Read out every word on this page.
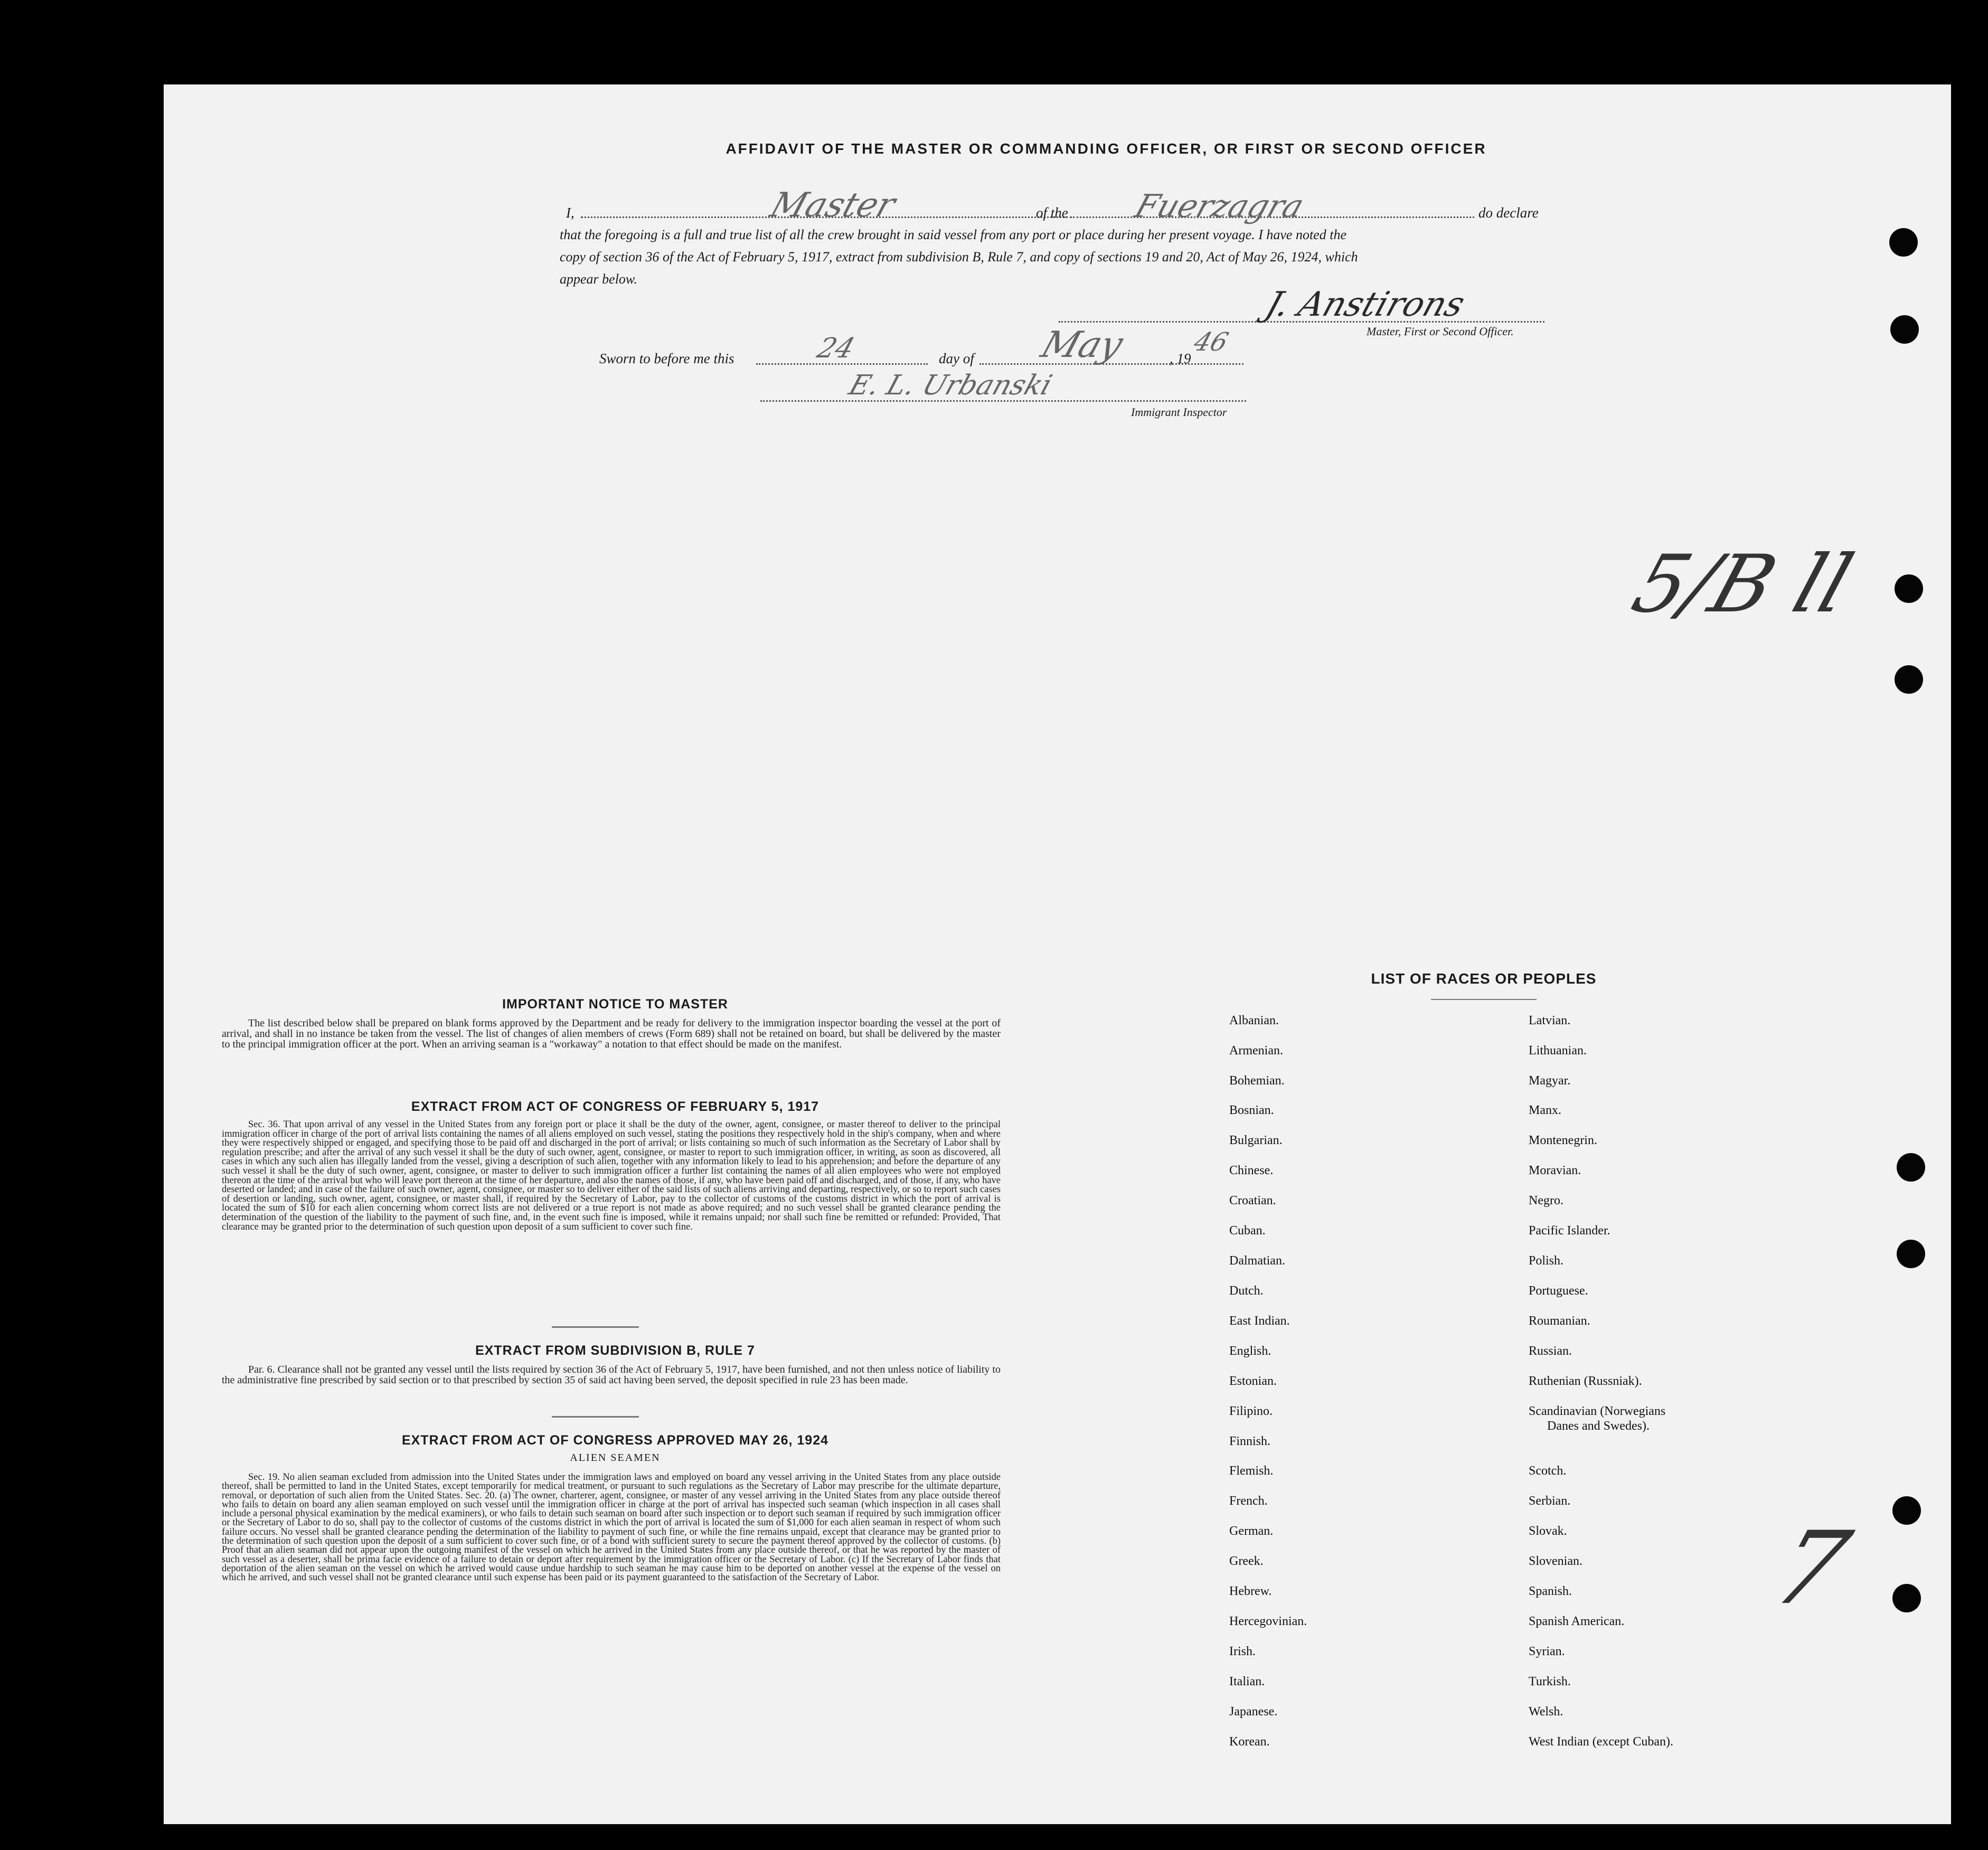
AFFIDAVIT OF THE MASTER OR COMMANDING OFFICER, OR FIRST OR SECOND OFFICER
I,	Master	of the Fuerzagra	do declare
that the foregoing is a full and true list of all the crew brought in said vessel from any port or place during her present voyage. I have noted the
copy of section 36 of the Act of February 5, 1917, extract from subdivision B, Rule 7, and copy of sections 19 and 20, Act of May 26, 1924, which
appear below.
J. Anstirons
Master, First or Second Officer.
Sworn to before me this	24	day of May	, 19
46
E. L. Urbanski
Immigrant Inspector
5/B ll
7
IMPORTANT NOTICE TO MASTER
The list described below shall be prepared on blank forms approved by the Department and be ready for delivery to the immigration inspector boarding the vessel at the port of arrival, and shall in no instance be taken from the vessel. The list of changes of alien members of crews (Form 689) shall not be retained on board, but shall be delivered by the master to the principal immigration officer at the port. When an arriving seaman is a "workaway" a notation to that effect should be made on the manifest.
EXTRACT FROM ACT OF CONGRESS OF FEBRUARY 5, 1917
Sec. 36. That upon arrival of any vessel in the United States from any foreign port or place it shall be the duty of the owner, agent, consignee, or master thereof to deliver to the principal immigration officer in charge of the port of arrival lists containing the names of all aliens employed on such vessel, stating the positions they respectively hold in the ship's company, when and where they were respectively shipped or engaged, and specifying those to be paid off and discharged in the port of arrival; or lists containing so much of such information as the Secretary of Labor shall by regulation prescribe; and after the arrival of any such vessel it shall be the duty of such owner, agent, consignee, or master to report to such immigration officer, in writing, as soon as discovered, all cases in which any such alien has illegally landed from the vessel, giving a description of such alien, together with any information likely to lead to his apprehension; and before the departure of any such vessel it shall be the duty of such owner, agent, consignee, or master to deliver to such immigration officer a further list containing the names of all alien employees who were not employed thereon at the time of the arrival but who will leave port thereon at the time of her departure, and also the names of those, if any, who have been paid off and discharged, and of those, if any, who have deserted or landed; and in case of the failure of such owner, agent, consignee, or master so to deliver either of the said lists of such aliens arriving and departing, respectively, or so to report such cases of desertion or landing, such owner, agent, consignee, or master shall, if required by the Secretary of Labor, pay to the collector of customs of the customs district in which the port of arrival is located the sum of $10 for each alien concerning whom correct lists are not delivered or a true report is not made as above required; and no such vessel shall be granted clearance pending the determination of the question of the liability to the payment of such fine, and, in the event such fine is imposed, while it remains unpaid; nor shall such fine be remitted or refunded: Provided, That clearance may be granted prior to the determination of such question upon deposit of a sum sufficient to cover such fine.
EXTRACT FROM SUBDIVISION B, RULE 7
Par. 6. Clearance shall not be granted any vessel until the lists required by section 36 of the Act of February 5, 1917, have been furnished, and not then unless notice of liability to the administrative fine prescribed by said section or to that prescribed by section 35 of said act having been served, the deposit specified in rule 23 has been made.
EXTRACT FROM ACT OF CONGRESS APPROVED MAY 26, 1924
ALIEN SEAMEN
Sec. 19. No alien seaman excluded from admission into the United States under the immigration laws and employed on board any vessel arriving in the United States from any place outside thereof, shall be permitted to land in the United States, except temporarily for medical treatment, or pursuant to such regulations as the Secretary of Labor may prescribe for the ultimate departure, removal, or deportation of such alien from the United States. Sec. 20. (a) The owner, charterer, agent, consignee, or master of any vessel arriving in the United States from any place outside thereof who fails to detain on board any alien seaman employed on such vessel until the immigration officer in charge at the port of arrival has inspected such seaman (which inspection in all cases shall include a personal physical examination by the medical examiners), or who fails to detain such seaman on board after such inspection or to deport such seaman if required by such immigration officer or the Secretary of Labor to do so, shall pay to the collector of customs of the customs district in which the port of arrival is located the sum of $1,000 for each alien seaman in respect of whom such failure occurs. No vessel shall be granted clearance pending the determination of the liability to payment of such fine, or while the fine remains unpaid, except that clearance may be granted prior to the determination of such question upon the deposit of a sum sufficient to cover such fine, or of a bond with sufficient surety to secure the payment thereof approved by the collector of customs. (b) Proof that an alien seaman did not appear upon the outgoing manifest of the vessel on which he arrived in the United States from any place outside thereof, or that he was reported by the master of such vessel as a deserter, shall be prima facie evidence of a failure to detain or deport after requirement by the immigration officer or the Secretary of Labor. (c) If the Secretary of Labor finds that deportation of the alien seaman on the vessel on which he arrived would cause undue hardship to such seaman he may cause him to be deported on another vessel at the expense of the vessel on which he arrived, and such vessel shall not be granted clearance until such expense has been paid or its payment guaranteed to the satisfaction of the Secretary of Labor.
LIST OF RACES OR PEOPLES
Albanian.
Armenian.
Bohemian.
Bosnian.
Bulgarian.
Chinese.
Croatian.
Cuban.
Dalmatian.
Dutch.
East Indian.
English.
Estonian.
Filipino.
Finnish.
Flemish.
French.
German.
Greek.
Hebrew.
Hercegovinian.
Irish.
Italian.
Japanese.
Korean.
Latvian.
Lithuanian.
Magyar.
Manx.
Montenegrin.
Moravian.
Negro.
Pacific Islander.
Polish.
Portuguese.
Roumanian.
Russian.
Ruthenian (Russniak).
Scandinavian (Norwegians
Danes and Swedes).
Scotch.
Serbian.
Slovak.
Slovenian.
Spanish.
Spanish American.
Syrian.
Turkish.
Welsh.
West Indian (except Cuban).
